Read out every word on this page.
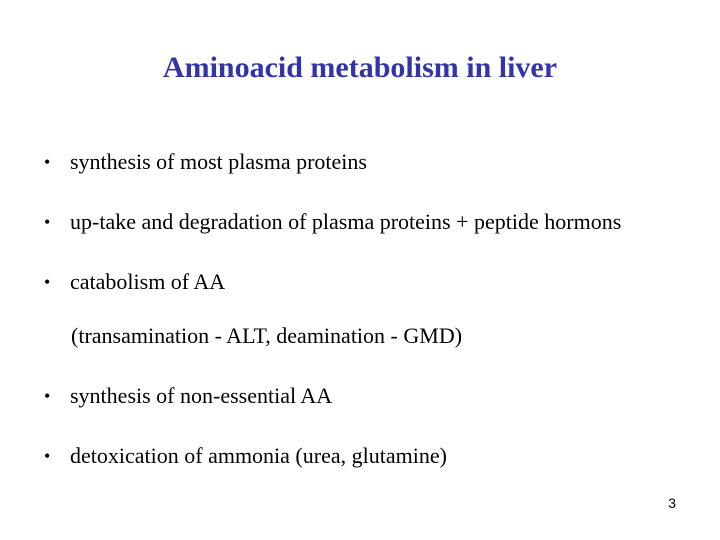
Aminoacid metabolism in liver
• synthesis of most plasma proteins
• up-take and degradation of plasma proteins + peptide hormons
• catabolism of AA
(transamination - ALT, deamination - GMD)
• synthesis of non-essential AA
• detoxication of ammonia (urea, glutamine)
3
